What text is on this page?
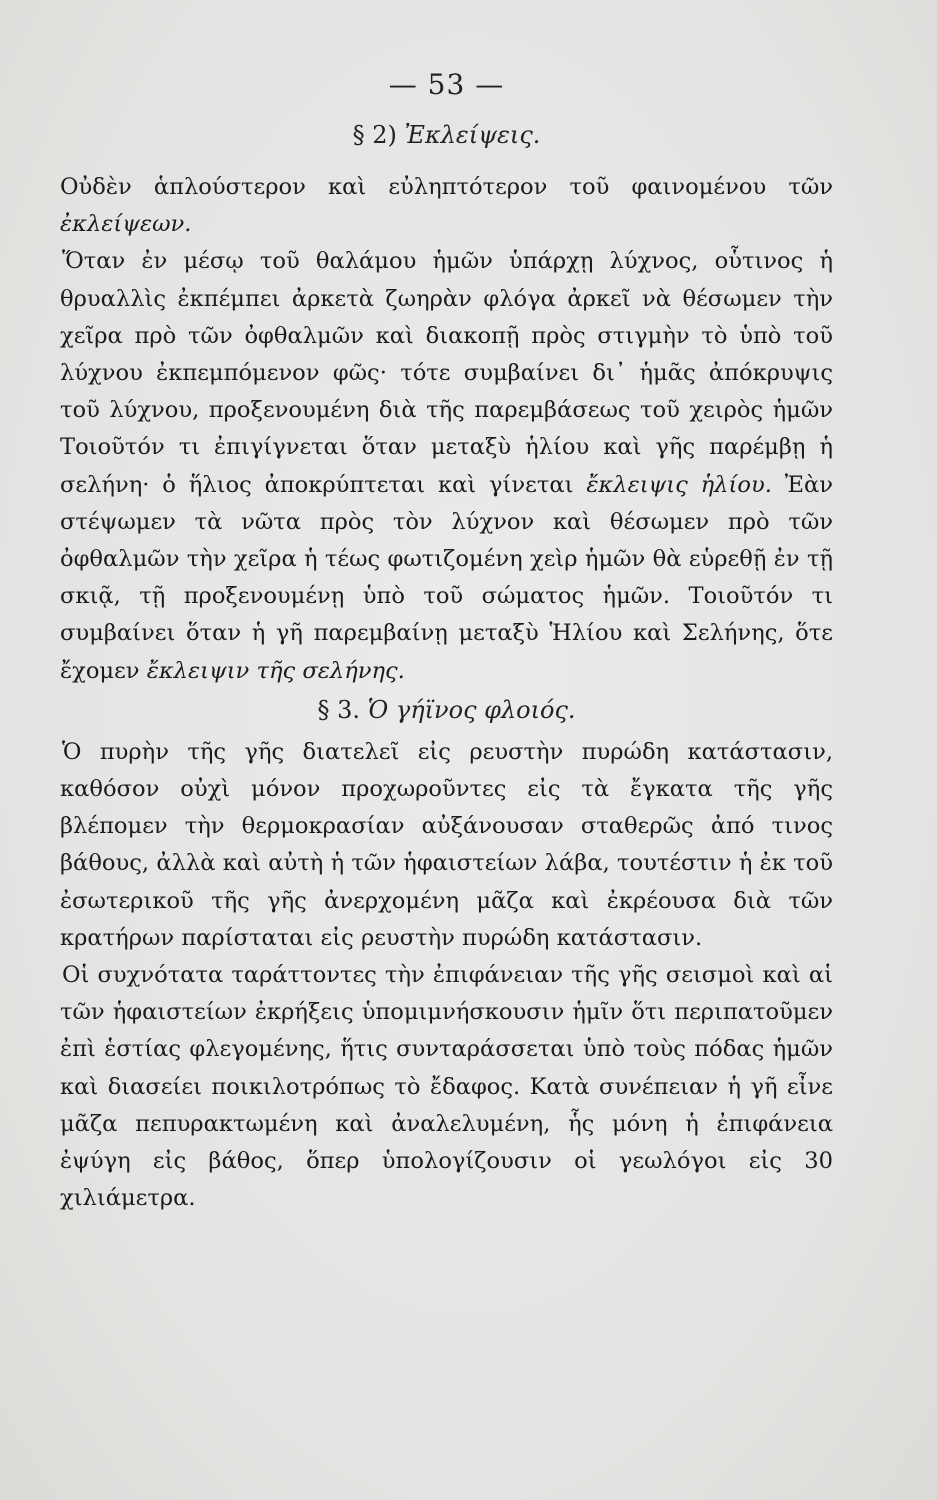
— 53 —
§ 2) Ἐκλείψεις.

Οὐδὲν ἁπλούστερον καὶ εὐληπτότερον τοῦ φαινομένου τῶν ἐκλείψεων.

Ὅταν ἐν μέσῳ τοῦ θαλάμου ἡμῶν ὑπάρχῃ λύχνος, οὗτινος ἡ θρυαλλὶς ἐκπέμπει ἀρκετὰ ζωηρὰν φλόγα ἀρκεῖ νὰ θέσωμεν τὴν χεῖρα πρὸ τῶν ὀφθαλμῶν καὶ διακοπῇ πρὸς στιγμὴν τὸ ὑπὸ τοῦ λύχνου ἐκπεμπόμενον φῶς· τότε συμβαίνει δι᾿ ἡμᾶς ἀπόκρυψις τοῦ λύχνου, προξενουμένη διὰ τῆς παρεμβάσεως τοῦ χειρὸς ἡμῶν Τοιοῦτόν τι ἐπιγίγνεται ὅταν μεταξὺ ἡλίου καὶ γῆς παρέμβῃ ἡ σελήνη· ὁ ἥλιος ἀποκρύπτεται καὶ γίνεται ἔκλειψις ἡλίου. Ἐὰν στέψωμεν τὰ νῶτα πρὸς τὸν λύχνον καὶ θέσωμεν πρὸ τῶν ὀφθαλμῶν τὴν χεῖρα ἡ τέως φωτιζομένη χεὶρ ἡμῶν θὰ εὑρεθῇ ἐν τῇ σκιᾷ, τῇ προξενουμένῃ ὑπὸ τοῦ σώματος ἡμῶν. Τοιοῦτόν τι συμβαίνει ὅταν ἡ γῆ παρεμβαίνῃ μεταξὺ Ἡλίου καὶ Σελήνης, ὅτε ἔχομεν ἔκλειψιν τῆς σελήνης.

§ 3. Ὁ γήϊνος φλοιός.

Ὁ πυρὴν τῆς γῆς διατελεῖ εἰς ρευστὴν πυρώδη κατάστασιν, καθόσον οὐχὶ μόνον προχωροῦντες εἰς τὰ ἔγκατα τῆς γῆς βλέπομεν τὴν θερμοκρασίαν αὐξάνουσαν σταθερῶς ἀπό τινος βάθους, ἀλλὰ καὶ αὐτὴ ἡ τῶν ἡφαιστείων λάβα, τουτέστιν ἡ ἐκ τοῦ ἐσωτερικοῦ τῆς γῆς ἀνερχομένη μᾶζα καὶ ἐκρέουσα διὰ τῶν κρατήρων παρίσταται εἰς ρευστὴν πυρώδη κατάστασιν.

Οἱ συχνότατα ταράττοντες τὴν ἐπιφάνειαν τῆς γῆς σεισμοὶ καὶ αἱ τῶν ἡφαιστείων ἐκρήξεις ὑπομιμνήσκουσιν ἡμῖν ὅτι περιπατοῦμεν ἐπὶ ἑστίας φλεγομένης, ἥτις συνταράσσεται ὑπὸ τοὺς πόδας ἡμῶν καὶ διασείει ποικιλοτρόπως τὸ ἔδαφος. Κατὰ συνέπειαν ἡ γῆ εἶνε μᾶζα πεπυρακτωμένη καὶ ἀναλελυμένη, ἧς μόνη ἡ ἐπιφάνεια ἐψύγη εἰς βάθος, ὅπερ ὑπολογίζουσιν οἱ γεωλόγοι εἰς 30 χιλιάμετρα.
